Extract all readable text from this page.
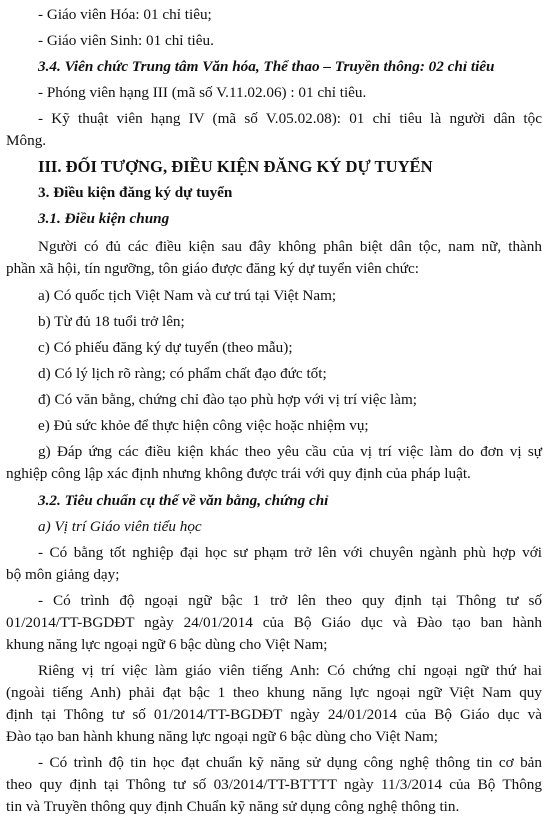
- Giáo viên Hóa: 01 chỉ tiêu;
- Giáo viên Sinh: 01 chỉ tiêu.
3.4. Viên chức Trung tâm Văn hóa, Thể thao – Truyền thông: 02 chỉ tiêu
- Phóng viên hạng III (mã số V.11.02.06) : 01 chỉ tiêu.
- Kỹ thuật viên hạng IV (mã số V.05.02.08): 01 chỉ tiêu là người dân tộc
Mông.
III. ĐỐI TƯỢNG, ĐIỀU KIỆN ĐĂNG KÝ DỰ TUYỂN
3. Điều kiện đăng ký dự tuyển
3.1. Điều kiện chung
Người có đủ các điều kiện sau đây không phân biệt dân tộc, nam nữ, thành
phần xã hội, tín ngưỡng, tôn giáo được đăng ký dự tuyển viên chức:
a) Có quốc tịch Việt Nam và cư trú tại Việt Nam;
b) Từ đủ 18 tuổi trở lên;
c) Có phiếu đăng ký dự tuyển (theo mẫu);
d) Có lý lịch rõ ràng; có phẩm chất đạo đức tốt;
đ) Có văn bằng, chứng chỉ đào tạo phù hợp với vị trí việc làm;
e) Đủ sức khỏe để thực hiện công việc hoặc nhiệm vụ;
g) Đáp ứng các điều kiện khác theo yêu cầu của vị trí việc làm do đơn vị sự
nghiệp công lập xác định nhưng không được trái với quy định của pháp luật.
3.2. Tiêu chuẩn cụ thể về văn bằng, chứng chỉ
a) Vị trí Giáo viên tiểu học
- Có bằng tốt nghiệp đại học sư phạm trở lên với chuyên ngành phù hợp với
bộ môn giảng dạy;
- Có trình độ ngoại ngữ bậc 1 trở lên theo quy định tại Thông tư số
01/2014/TT-BGDĐT ngày 24/01/2014 của Bộ Giáo dục và Đào tạo ban hành
khung năng lực ngoại ngữ 6 bậc dùng cho Việt Nam;
Riêng vị trí việc làm giáo viên tiếng Anh: Có chứng chỉ ngoại ngữ thứ hai
(ngoài tiếng Anh) phải đạt bậc 1 theo khung năng lực ngoại ngữ Việt Nam quy
định tại Thông tư số 01/2014/TT-BGDĐT ngày 24/01/2014 của Bộ Giáo dục và
Đào tạo ban hành khung năng lực ngoại ngữ 6 bậc dùng cho Việt Nam;
- Có trình độ tin học đạt chuẩn kỹ năng sử dụng công nghệ thông tin cơ bản
theo quy định tại Thông tư số 03/2014/TT-BTTTT ngày 11/3/2014 của Bộ Thông
tin và Truyền thông quy định Chuẩn kỹ năng sử dụng công nghệ thông tin.
